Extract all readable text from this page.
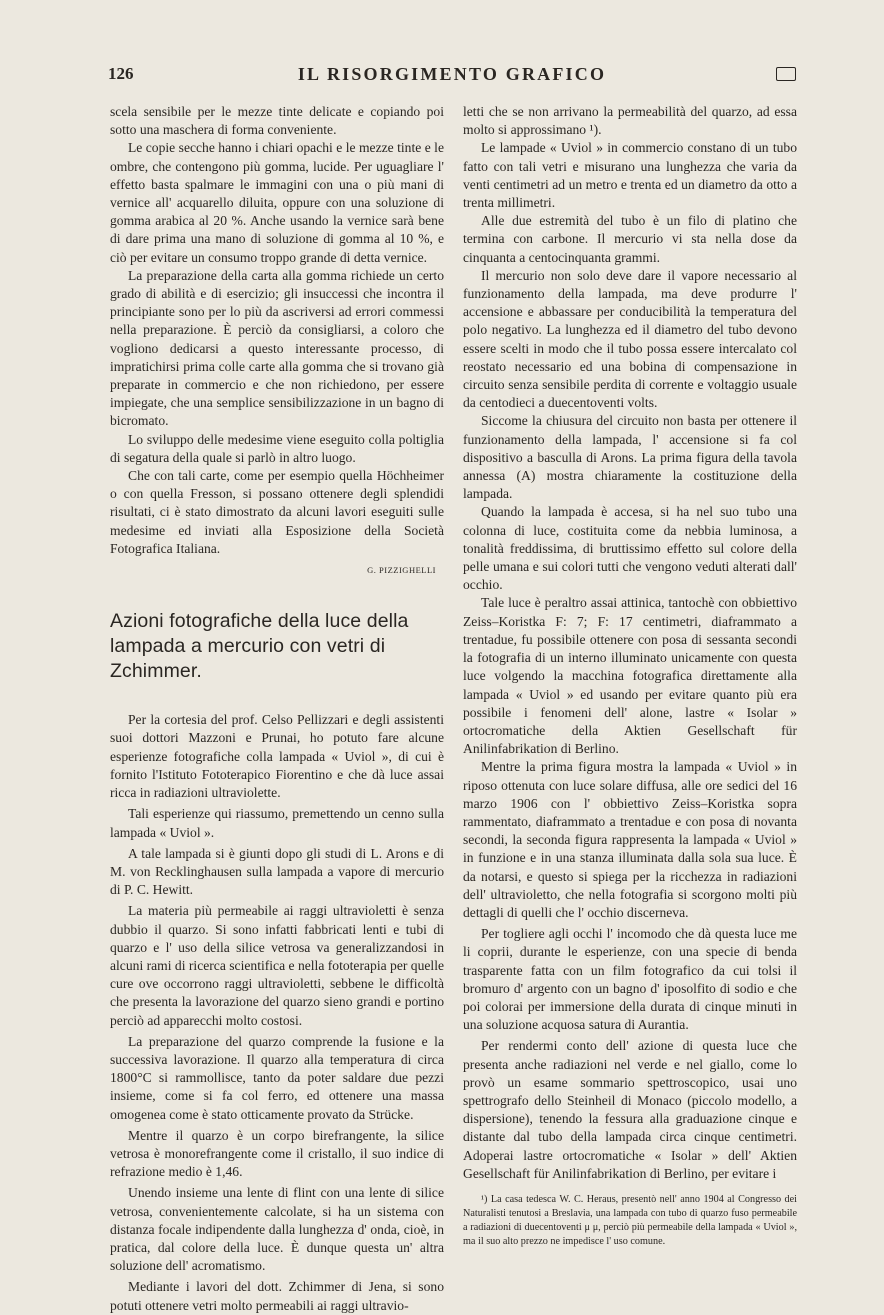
126	IL RISORGIMENTO GRAFICO

scela sensibile per le mezze tinte delicate e copiando poi sotto una maschera di forma conveniente.

Le copie secche hanno i chiari opachi e le mezze tinte e le ombre, che contengono più gomma, lucide. Per uguagliare l' effetto basta spalmare le immagini con una o più mani di vernice all' acquarello diluita, oppure con una soluzione di gomma arabica al 20 %. Anche usando la vernice sarà bene di dare prima una mano di soluzione di gomma al 10 %, e ciò per evitare un consumo troppo grande di detta vernice.

La preparazione della carta alla gomma richiede un certo grado di abilità e di esercizio; gli insuccessi che incontra il principiante sono per lo più da ascriversi ad errori commessi nella preparazione. È perciò da consigliarsi, a coloro che vogliono dedicarsi a questo interessante processo, di impratichirsi prima colle carte alla gomma che si trovano già preparate in commercio e che non richiedono, per essere impiegate, che una semplice sensibilizzazione in un bagno di bicromato.

Lo sviluppo delle medesime viene eseguito colla poltiglia di segatura della quale si parlò in altro luogo.

Che con tali carte, come per esempio quella Höchheimer o con quella Fresson, si possano ottenere degli splendidi risultati, ci è stato dimostrato da alcuni lavori eseguiti sulle medesime ed inviati alla Esposizione della Società Fotografica Italiana.

G. PIZZIGHELLI
Azioni fotografiche della luce della lampada a mercurio con vetri di Zchimmer.

Per la cortesia del prof. Celso Pellizzari e degli assistenti suoi dottori Mazzoni e Prunai, ho potuto fare alcune esperienze fotografiche colla lampada « Uviol », di cui è fornito l'Istituto Fototerapico Fiorentino e che dà luce assai ricca in radiazioni ultraviolette.

Tali esperienze qui riassumo, premettendo un cenno sulla lampada « Uviol ».

A tale lampada si è giunti dopo gli studi di L. Arons e di M. von Recklinghausen sulla lampada a vapore di mercurio di P. C. Hewitt.

La materia più permeabile ai raggi ultravioletti è senza dubbio il quarzo. Si sono infatti fabbricati lenti e tubi di quarzo e l' uso della silice vetrosa va generalizzandosi in alcuni rami di ricerca scientifica e nella fototerapia per quelle cure ove occorrono raggi ultravioletti, sebbene le difficoltà che presenta la lavorazione del quarzo sieno grandi e portino perciò ad apparecchi molto costosi.

La preparazione del quarzo comprende la fusione e la successiva lavorazione. Il quarzo alla temperatura di circa 1800°C si rammollisce, tanto da poter saldare due pezzi insieme, come si fa col ferro, ed ottenere una massa omogenea come è stato otticamente provato da Strücke.

Mentre il quarzo è un corpo birefrangente, la silice vetrosa è monorefrangente come il cristallo, il suo indice di refrazione medio è 1,46.

Unendo insieme una lente di flint con una lente di silice vetrosa, convenientemente calcolate, si ha un sistema con distanza focale indipendente dalla lunghezza d' onda, cioè, in pratica, dal colore della luce. È dunque questa un' altra soluzione dell' acromatismo.

Mediante i lavori del dott. Zchimmer di Jena, si sono potuti ottenere vetri molto permeabili ai raggi ultravio-

letti che se non arrivano la permeabilità del quarzo, ad essa molto si approssimano ¹).

Le lampade « Uviol » in commercio constano di un tubo fatto con tali vetri e misurano una lunghezza che varia da venti centimetri ad un metro e trenta ed un diametro da otto a trenta millimetri.

Alle due estremità del tubo è un filo di platino che termina con carbone. Il mercurio vi sta nella dose da cinquanta a centocinquanta grammi.

Il mercurio non solo deve dare il vapore necessario al funzionamento della lampada, ma deve produrre l' accensione e abbassare per conducibilità la temperatura del polo negativo. La lunghezza ed il diametro del tubo devono essere scelti in modo che il tubo possa essere intercalato col reostato necessario ed una bobina di compensazione in circuito senza sensibile perdita di corrente e voltaggio usuale da centodieci a duecentoventi volts.

Siccome la chiusura del circuito non basta per ottenere il funzionamento della lampada, l' accensione si fa col dispositivo a basculla di Arons. La prima figura della tavola annessa (A) mostra chiaramente la costituzione della lampada.

Quando la lampada è accesa, si ha nel suo tubo una colonna di luce, costituita come da nebbia luminosa, a tonalità freddissima, di bruttissimo effetto sul colore della pelle umana e sui colori tutti che vengono veduti alterati dall' occhio.

Tale luce è peraltro assai attinica, tantochè con obbiettivo Zeiss–Koristka F: 7; F: 17 centimetri, diaframmato a trentadue, fu possibile ottenere con posa di sessanta secondi la fotografia di un interno illuminato unicamente con questa luce volgendo la macchina fotografica direttamente alla lampada « Uviol » ed usando per evitare quanto più era possibile i fenomeni dell' alone, lastre « Isolar » ortocromatiche della Aktien Gesellschaft für Anilinfabrikation di Berlino.

Mentre la prima figura mostra la lampada « Uviol » in riposo ottenuta con luce solare diffusa, alle ore sedici del 16 marzo 1906 con l' obbiettivo Zeiss–Koristka sopra rammentato, diaframmato a trentadue e con posa di novanta secondi, la seconda figura rappresenta la lampada « Uviol » in funzione e in una stanza illuminata dalla sola sua luce. È da notarsi, e questo si spiega per la ricchezza in radiazioni dell' ultravioletto, che nella fotografia si scorgono molti più dettagli di quelli che l' occhio discerneva.

Per togliere agli occhi l' incomodo che dà questa luce me li coprii, durante le esperienze, con una specie di benda trasparente fatta con un film fotografico da cui tolsi il bromuro d' argento con un bagno d' iposolfito di sodio e che poi colorai per immersione della durata di cinque minuti in una soluzione acquosa satura di Aurantia.

Per rendermi conto dell' azione di questa luce che presenta anche radiazioni nel verde e nel giallo, come lo provò un esame sommario spettroscopico, usai uno spettrografo dello Steinheil di Monaco (piccolo modello, a dispersione), tenendo la fessura alla graduazione cinque e distante dal tubo della lampada circa cinque centimetri. Adoperai lastre ortocromatiche « Isolar » dell' Aktien Gesellschaft für Anilinfabrikation di Berlino, per evitare i

¹) La casa tedesca W. C. Heraus, presentò nell' anno 1904 al Congresso dei Naturalisti tenutosi a Breslavia, una lampada con tubo di quarzo fuso permeabile a radiazioni di duecentoventi μ μ, perciò più permeabile della lampada « Uviol », ma il suo alto prezzo ne impedisce l' uso comune.
